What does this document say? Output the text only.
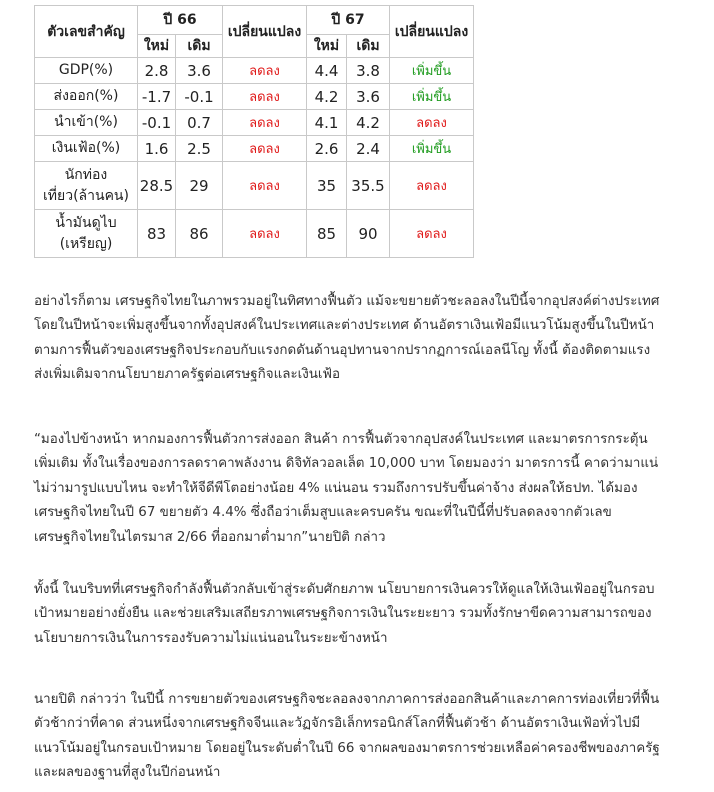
ตัวเลขสำคัญ	ปี 66		เปลี่ยนแปลง	ปี 67		เปลี่ยนแปลง
	ใหม่	เดิม		ใหม่	เดิม	

GDP(%)	2.8	3.6	ลดลง	4.4	3.8	เพิ่มขึ้น

ส่งออก(%)	-1.7	-0.1	ลดลง	4.2	3.6	เพิ่มขึ้น

นำเข้า(%)	-0.1	0.7	ลดลง	4.1	4.2	ลดลง

เงินเฟ้อ(%)	1.6	2.5	ลดลง	2.6	2.4	เพิ่มขึ้น

นักท่อง
เที่ยว(ล้านคน)	28.5	29	ลดลง	35	35.5	ลดลง

น้ำมันดูไบ
(เหรียญ)	83	86	ลดลง	85	90	ลดลง

อย่างไรก็ตาม เศรษฐกิจไทยในภาพรวมอยู่ในทิศทางฟื้นตัว แม้จะขยายตัวชะลอลงในปีนี้จากอุปสงค์ต่างประเทศ
โดยในปีหน้าจะเพิ่มสูงขึ้นจากทั้งอุปสงค์ในประเทศและต่างประเทศ ด้านอัตราเงินเฟ้อมีแนวโน้มสูงขึ้นในปีหน้า
ตามการฟื้นตัวของเศรษฐกิจประกอบกับแรงกดดันด้านอุปทานจากปรากฏการณ์เอลนีโญ ทั้งนี้ ต้องติดตามแรง
ส่งเพิ่มเติมจากนโยบายภาครัฐต่อเศรษฐกิจและเงินเฟ้อ

“มองไปข้างหน้า หากมองการฟื้นตัวการส่งออก สินค้า การฟื้นตัวจากอุปสงค์ในประเทศ และมาตรการกระตุ้น
เพิ่มเติม ทั้งในเรื่องของการลดราคาพลังงาน ดิจิทัลวอลเล็ต 10,000 บาท โดยมองว่า มาตรการนี้ คาดว่ามาแน่
ไม่ว่ามารูปแบบไหน จะทำให้จีดีพีโตอย่างน้อย 4% แน่นอน รวมถึงการปรับขึ้นค่าจ้าง ส่งผลให้ธปท. ได้มอง
เศรษฐกิจไทยในปี 67 ขยายตัว 4.4% ซึ่งถือว่าเต็มสูบและครบครัน ขณะที่ในปีนี้ที่ปรับลดลงจากตัวเลข
เศรษฐกิจไทยในไตรมาส 2/66 ที่ออกมาต่ำมาก”นายปิติ กล่าว

ทั้งนี้ ในบริบทที่เศรษฐกิจกำลังฟื้นตัวกลับเข้าสู่ระดับศักยภาพ นโยบายการเงินควรให้ดูแลให้เงินเฟ้ออยู่ในกรอบ
เป้าหมายอย่างยั่งยืน และช่วยเสริมเสถียรภาพเศรษฐกิจการเงินในระยะยาว รวมทั้งรักษาขีดความสามารถของ
นโยบายการเงินในการรองรับความไม่แน่นอนในระยะข้างหน้า

นายปิติ กล่าวว่า ในปีนี้ การขยายตัวของเศรษฐกิจชะลอลงจากภาคการส่งออกสินค้าและภาคการท่องเที่ยวที่ฟื้น
ตัวช้ากว่าที่คาด ส่วนหนึ่งจากเศรษฐกิจจีนและวัฏจักรอิเล็กทรอนิกส์โลกที่ฟื้นตัวช้า ด้านอัตราเงินเฟ้อทั่วไปมี
แนวโน้มอยู่ในกรอบเป้าหมาย โดยอยู่ในระดับต่ำในปี 66 จากผลของมาตรการช่วยเหลือค่าครองชีพของภาครัฐ
และผลของฐานที่สูงในปีก่อนหน้า
